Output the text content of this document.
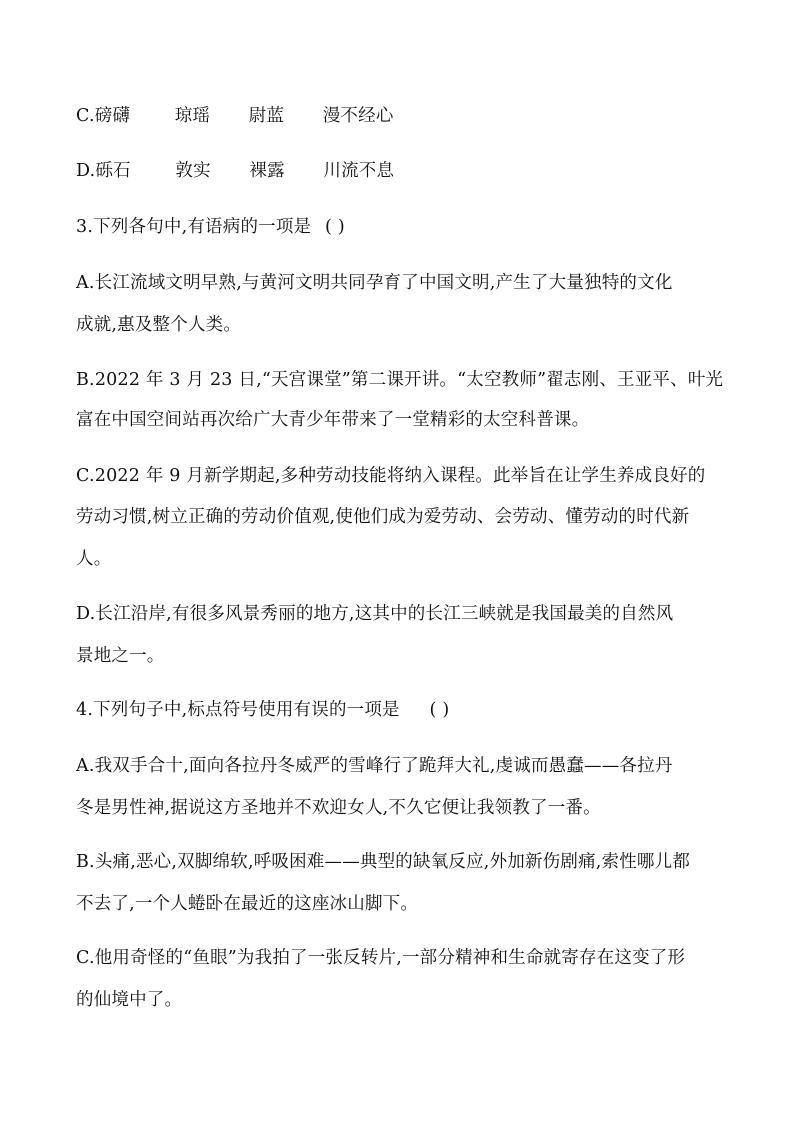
C.磅礴	琼瑶 尉蓝 漫不经心
D.砾石	敦实 裸露 川流不息
3.下列各句中,有语病的一项是 ( )
A.长江流域文明早熟,与黄河文明共同孕育了中国文明,产生了大量独特的文化
成就,惠及整个人类。
B.2022 年 3 月 23 日,“天宫课堂”第二课开讲。“太空教师”翟志刚、王亚平、叶光
富在中国空间站再次给广大青少年带来了一堂精彩的太空科普课。
C.2022 年 9 月新学期起,多种劳动技能将纳入课程。此举旨在让学生养成良好的
劳动习惯,树立正确的劳动价值观,使他们成为爱劳动、会劳动、懂劳动的时代新
人。
D.长江沿岸,有很多风景秀丽的地方,这其中的长江三峡就是我国最美的自然风
景地之一。
4.下列句子中,标点符号使用有误的一项是 ( )
A.我双手合十,面向各拉丹冬威严的雪峰行了跪拜大礼,虔诚而愚蠢——各拉丹
冬是男性神,据说这方圣地并不欢迎女人,不久它便让我领教了一番。
B.头痛,恶心,双脚绵软,呼吸困难——典型的缺氧反应,外加新伤剧痛,索性哪儿都
不去了,一个人蜷卧在最近的这座冰山脚下。
C.他用奇怪的“鱼眼”为我拍了一张反转片,一部分精神和生命就寄存在这变了形
的仙境中了。
